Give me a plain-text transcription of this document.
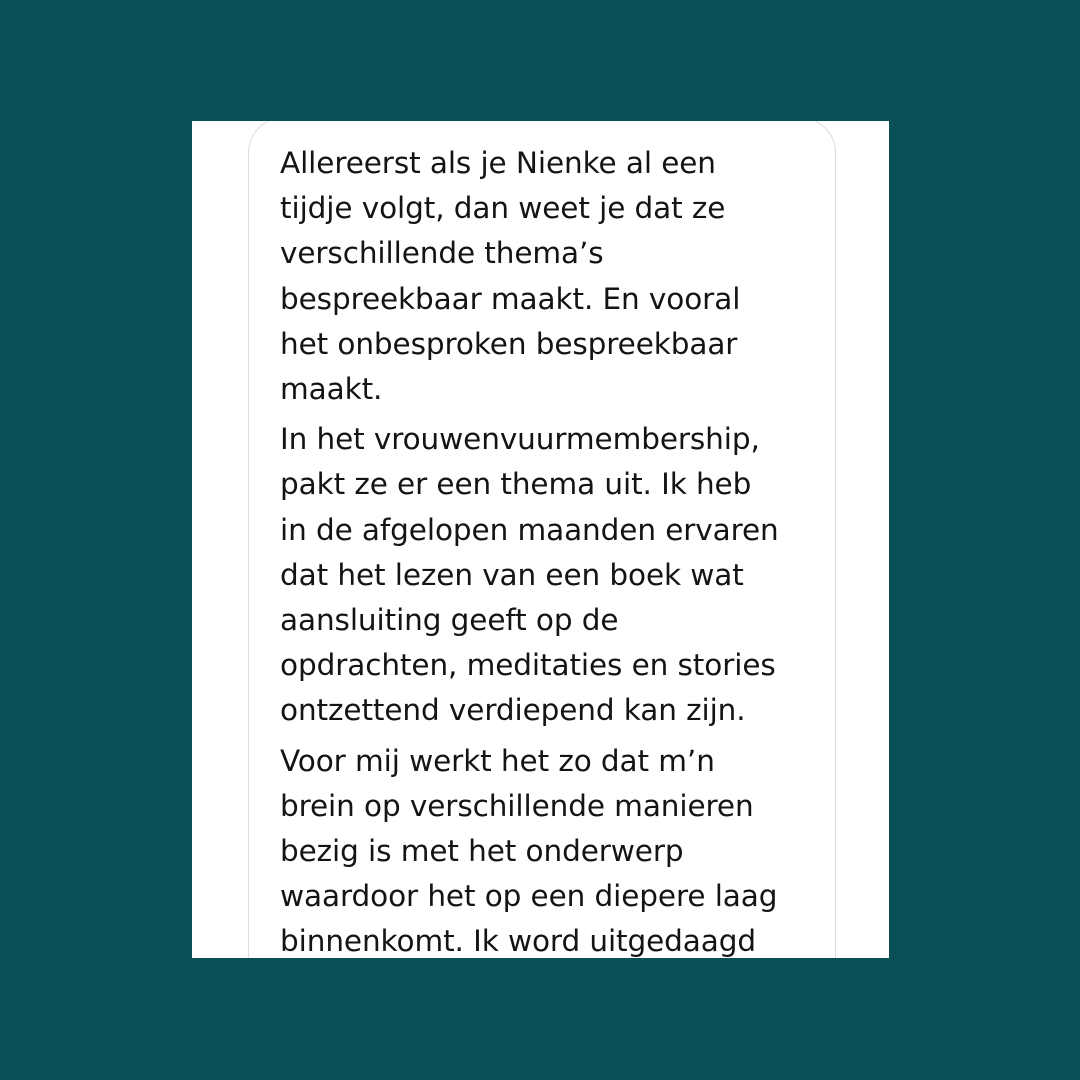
Allereerst als je Nienke al een
tijdje volgt, dan weet je dat ze
verschillende thema’s
bespreekbaar maakt. En vooral
het onbesproken bespreekbaar
maakt.
In het vrouwenvuurmembership,
pakt ze er een thema uit. Ik heb
in de afgelopen maanden ervaren
dat het lezen van een boek wat
aansluiting geeft op de
opdrachten, meditaties en stories
ontzettend verdiepend kan zijn.
Voor mij werkt het zo dat m’n
brein op verschillende manieren
bezig is met het onderwerp
waardoor het op een diepere laag
binnenkomt. Ik word uitgedaagd
